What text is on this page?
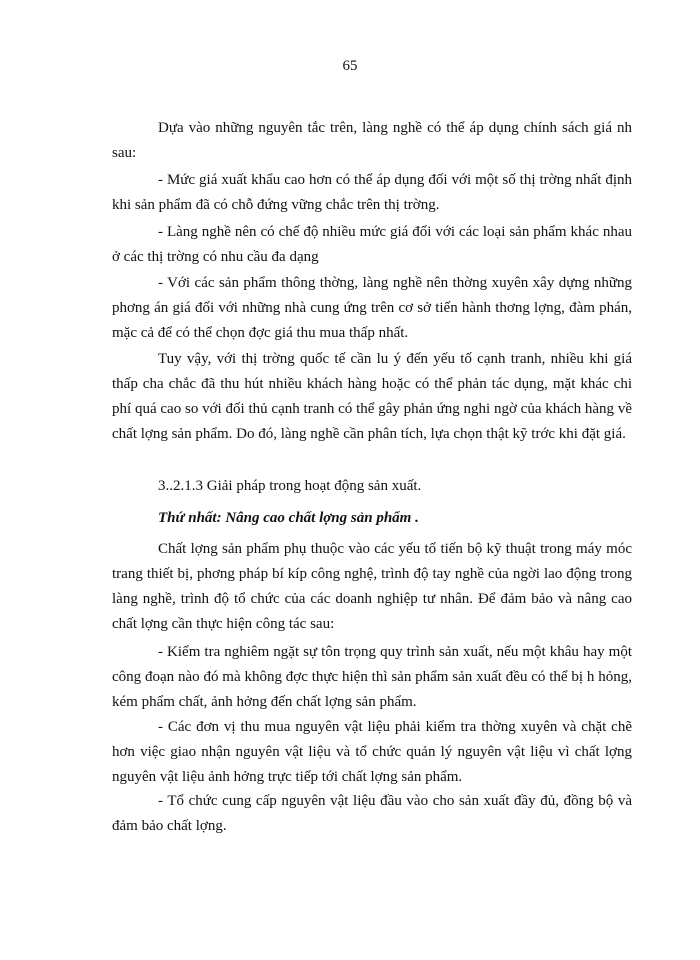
65

Dựa vào những nguyên tắc trên, làng nghề có thể áp dụng chính sách giá nh sau:

- Mức giá xuất khẩu cao hơn có thể áp dụng đối với một số thị trờng nhất định khi sản phẩm đã có chỗ đứng vững chắc trên thị trờng.

- Làng nghề nên có chế độ nhiều mức giá đối với các loại sản phẩm khác nhau ở các thị trờng có nhu cầu đa dạng

- Với các sản phẩm thông thờng, làng nghề nên thờng xuyên xây dựng những phơng án giá đối với những nhà cung ứng trên cơ sở tiến hành thơng lợng, đàm phán, mặc cả để có thể chọn đợc giá thu mua thấp nhất.

Tuy vậy, với thị trờng quốc tế cần lu ý đến yếu tố cạnh tranh, nhiều khi giá thấp cha chắc đã thu hút nhiều khách hàng hoặc có thể phản tác dụng, mặt khác chi phí quá cao so với đối thủ cạnh tranh có thể gây phản ứng nghi ngờ của khách hàng về chất lợng sản phẩm. Do đó, làng nghề cần phân tích, lựa chọn thật kỹ trớc khi đặt giá.

3..2.1.3 Giải pháp trong hoạt động sản xuất.
Thứ nhất: Nâng cao chất lợng sản phẩm .

Chất lợng sản phẩm phụ thuộc vào các yếu tố tiến bộ kỹ thuật trong máy móc trang thiết bị, phơng pháp bí kíp công nghệ, trình độ tay nghề của ngời lao động trong làng nghề, trình độ tổ chức của các doanh nghiệp tư nhân. Để đảm bảo và nâng cao chất lợng cần thực hiện công tác sau:

- Kiểm tra nghiêm ngặt sự tôn trọng quy trình sản xuất, nếu một khâu hay một công đoạn nào đó mà không đợc thực hiện thì sản phẩm sản xuất đều có thể bị h hỏng, kém phẩm chất, ảnh hởng đến chất lợng sản phẩm.

- Các đơn vị thu mua nguyên vật liệu phải kiểm tra thờng xuyên và chặt chẽ hơn việc giao nhận nguyên vật liệu và tổ chức quản lý nguyên vật liệu vì chất lợng nguyên vật liệu ảnh hởng trực tiếp tới chất lợng sản phẩm.

- Tổ chức cung cấp nguyên vật liệu đầu vào cho sản xuất đầy đủ, đồng bộ và đảm bảo chất lợng.
